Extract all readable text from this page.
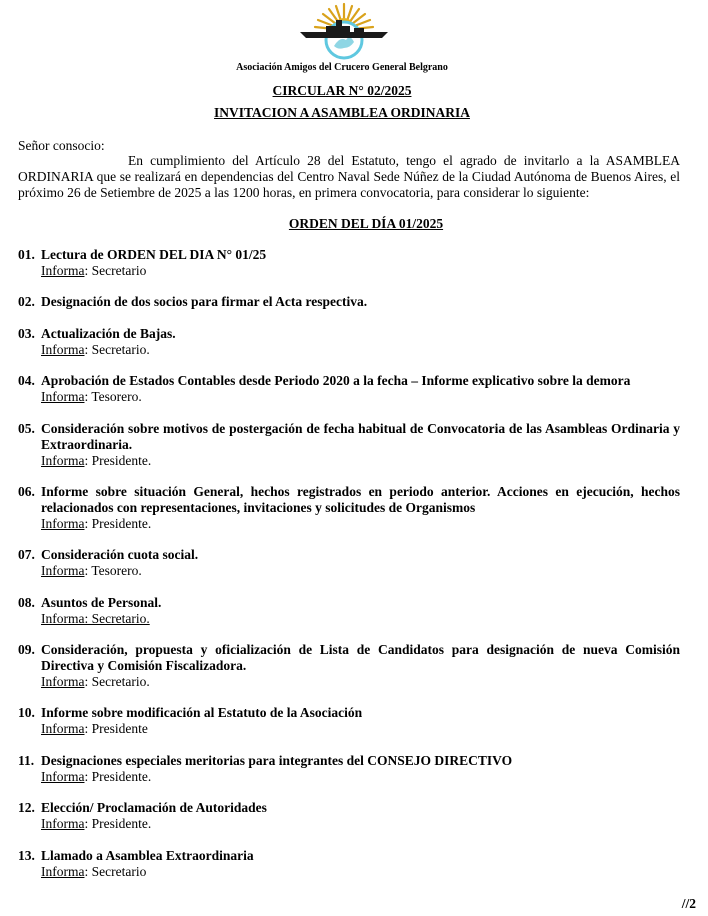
Asociación Amigos del Crucero General Belgrano
CIRCULAR N° 02/2025
INVITACION A ASAMBLEA ORDINARIA
Señor consocio:

En cumplimiento del Artículo 28 del Estatuto, tengo el agrado de invitarlo a la ASAMBLEA ORDINARIA que se realizará en dependencias del Centro Naval Sede Núñez de la Ciudad Autónoma de Buenos Aires, el próximo 26 de Setiembre de 2025 a las 1200 horas, en primera convocatoria, para considerar lo siguiente:

ORDEN DEL DÍA 01/2025
01. Lectura de ORDEN DEL DIA N° 01/25
Informa: Secretario
02. Designación de dos socios para firmar el Acta respectiva.
03. Actualización de Bajas.
Informa: Secretario.
04. Aprobación de Estados Contables desde Periodo 2020 a la fecha – Informe explicativo sobre la demora
Informa: Tesorero.
05. Consideración sobre motivos de postergación de fecha habitual de Convocatoria de las Asambleas Ordinaria y Extraordinaria.
Informa: Presidente.
06. Informe sobre situación General, hechos registrados en periodo anterior. Acciones en ejecución, hechos relacionados con representaciones, invitaciones y solicitudes de Organismos
Informa: Presidente.
07. Consideración cuota social.
Informa: Tesorero.
08. Asuntos de Personal.
Informa: Secretario.
09. Consideración, propuesta y oficialización de Lista de Candidatos para designación de nueva Comisión Directiva y Comisión Fiscalizadora.
Informa: Secretario.
10. Informe sobre modificación al Estatuto de la Asociación
Informa: Presidente
11. Designaciones especiales meritorias para integrantes del CONSEJO DIRECTIVO
Informa: Presidente.
12. Elección/ Proclamación de Autoridades
Informa: Presidente.
13. Llamado a Asamblea Extraordinaria
Informa: Secretario
//2
